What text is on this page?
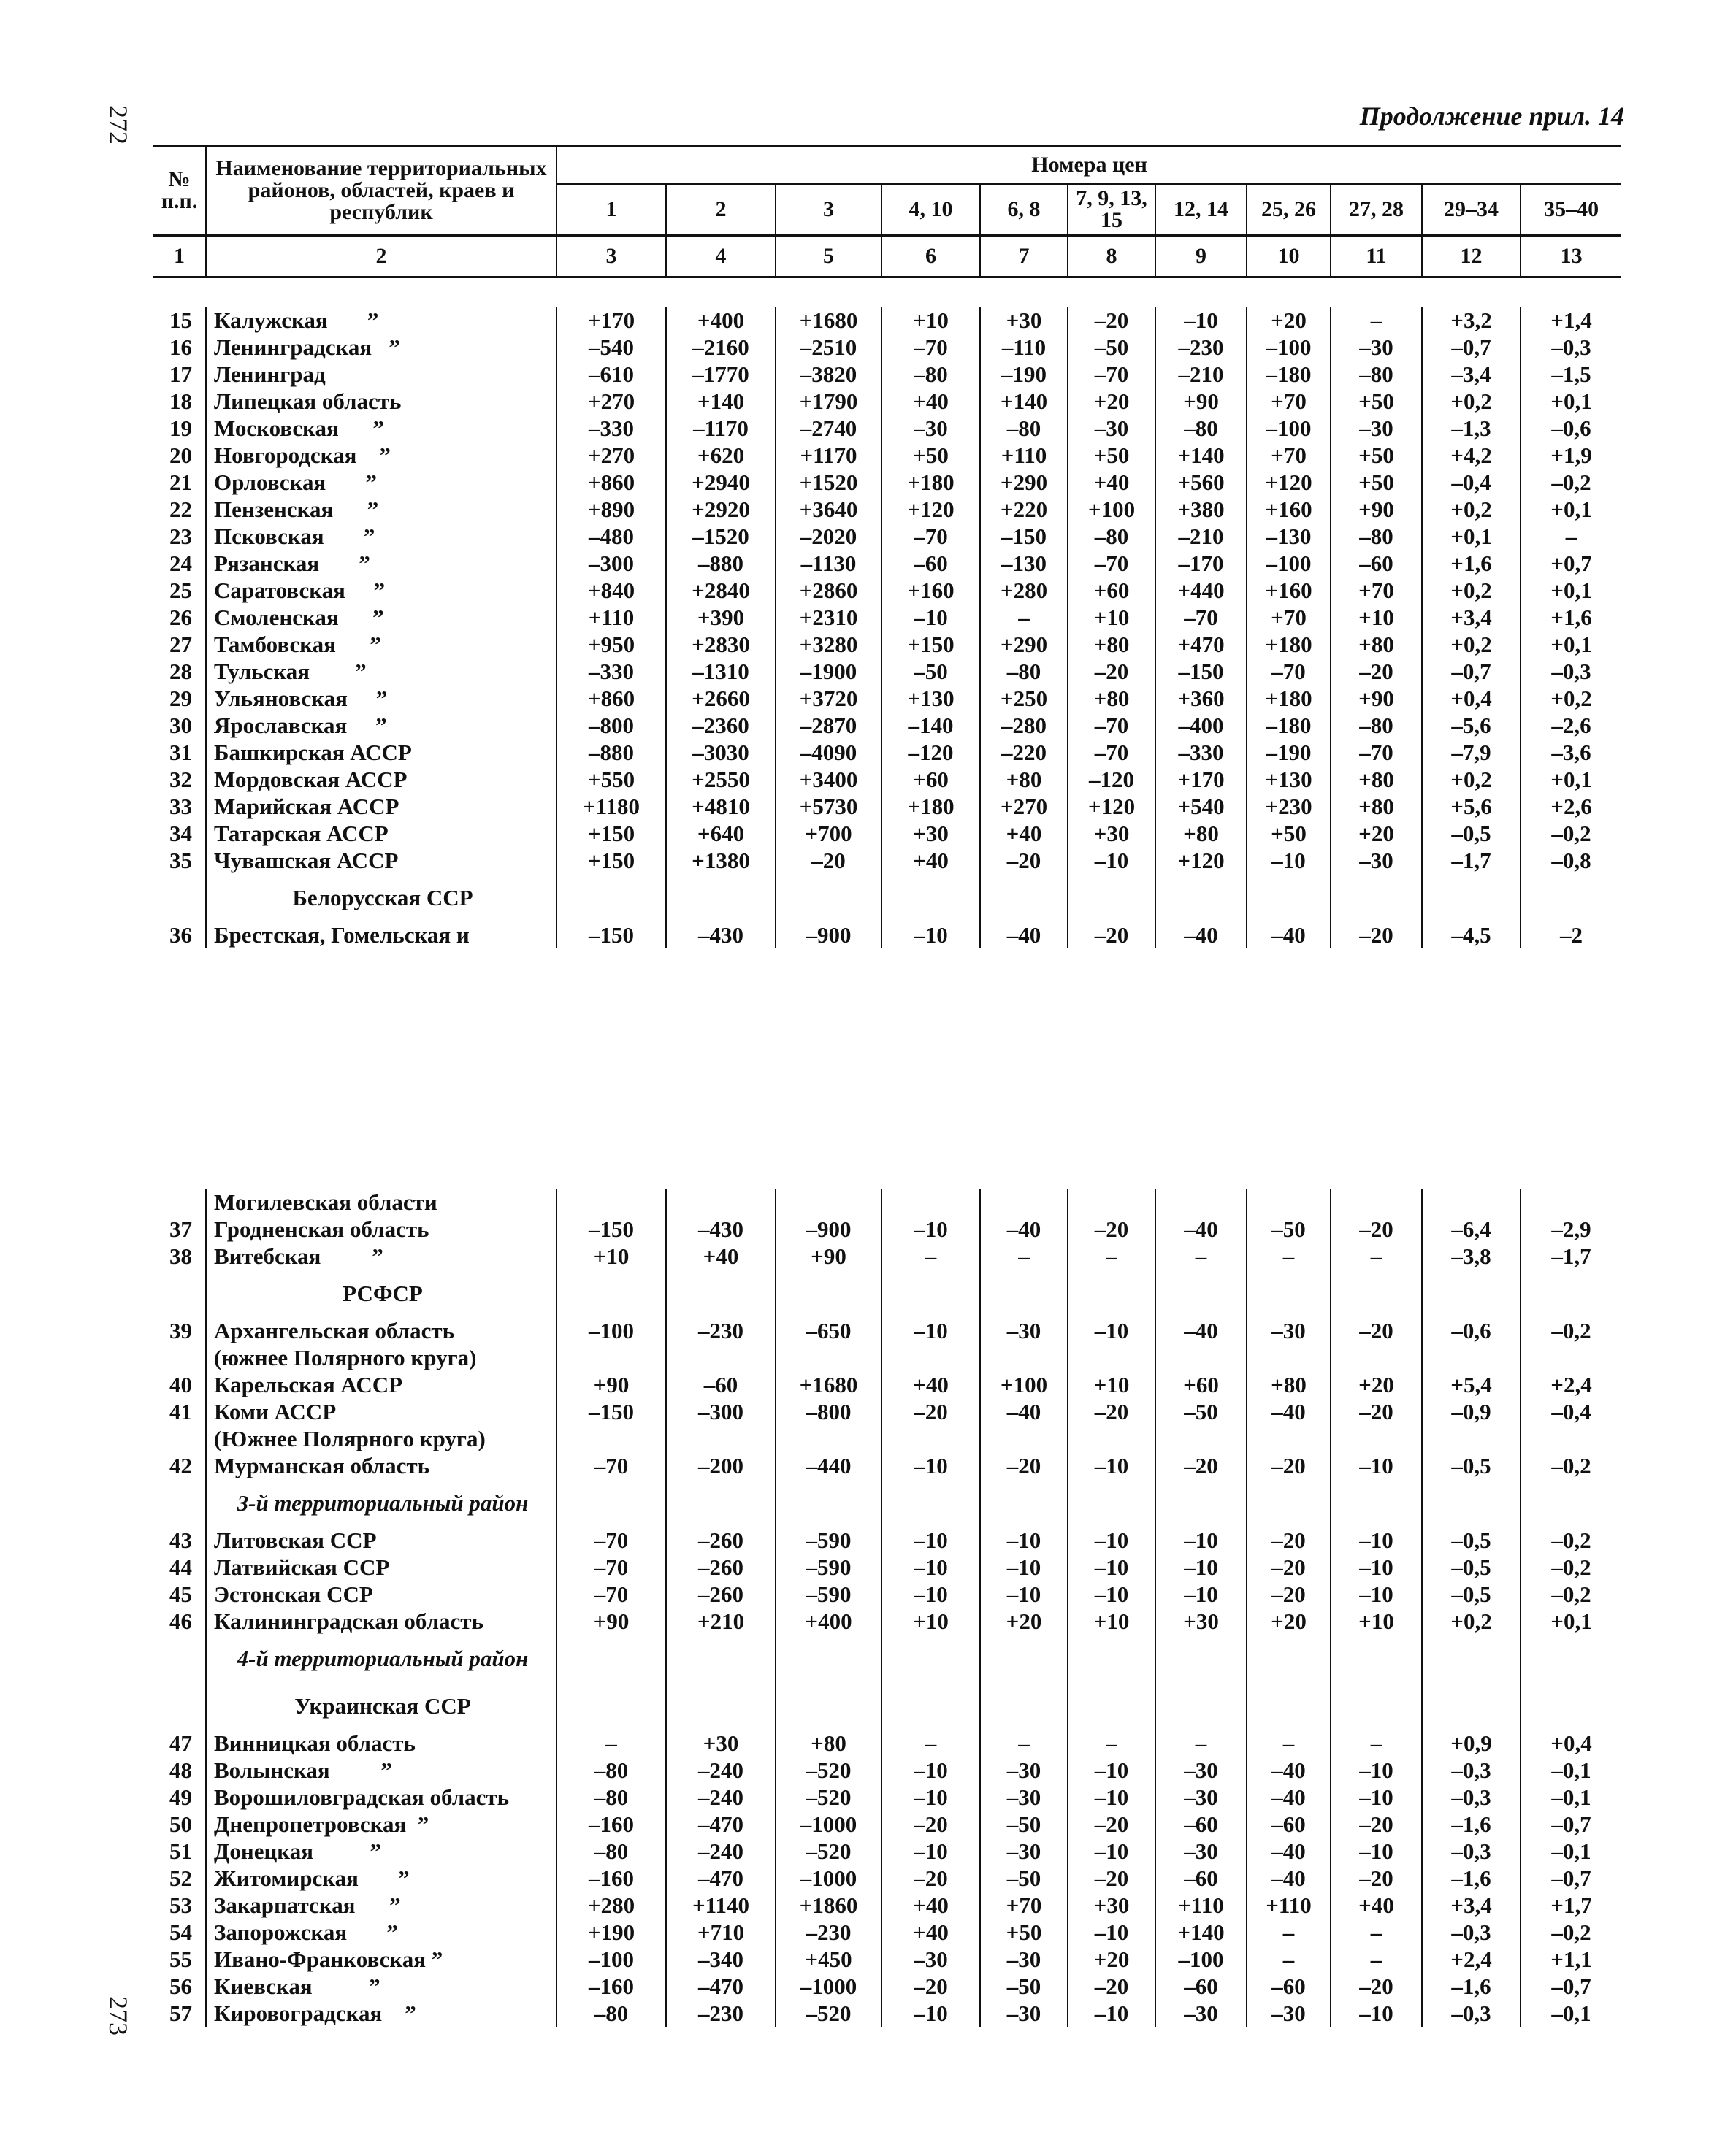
272
273
Продолжение прил. 14
№ п.п.	Наименование территориальных районов, областей, краев и республик	Номера цен										
		1	2	3	4, 10	6, 8	7, 9, 13, 15	12, 14	25, 26	27, 28	29–34	35–40
1	2	3	4	5	6	7	8	9	10	11	12	13
15	Калужская       ”	+170	+400	+1680	+10	+30	–20	–10	+20	–	+3,2	+1,4
16	Ленинградская   ”	–540	–2160	–2510	–70	–110	–50	–230	–100	–30	–0,7	–0,3
17	Ленинград	–610	–1770	–3820	–80	–190	–70	–210	–180	–80	–3,4	–1,5
18	Липецкая область	+270	+140	+1790	+40	+140	+20	+90	+70	+50	+0,2	+0,1
19	Московская      ”	–330	–1170	–2740	–30	–80	–30	–80	–100	–30	–1,3	–0,6
20	Новгородская    ”	+270	+620	+1170	+50	+110	+50	+140	+70	+50	+4,2	+1,9
21	Орловская       ”	+860	+2940	+1520	+180	+290	+40	+560	+120	+50	–0,4	–0,2
22	Пензенская      ”	+890	+2920	+3640	+120	+220	+100	+380	+160	+90	+0,2	+0,1
23	Псковская       ”	–480	–1520	–2020	–70	–150	–80	–210	–130	–80	+0,1	–
24	Рязанская       ”	–300	–880	–1130	–60	–130	–70	–170	–100	–60	+1,6	+0,7
25	Саратовская     ”	+840	+2840	+2860	+160	+280	+60	+440	+160	+70	+0,2	+0,1
26	Смоленская      ”	+110	+390	+2310	–10	–	+10	–70	+70	+10	+3,4	+1,6
27	Тамбовская      ”	+950	+2830	+3280	+150	+290	+80	+470	+180	+80	+0,2	+0,1
28	Тульская        ”	–330	–1310	–1900	–50	–80	–20	–150	–70	–20	–0,7	–0,3
29	Ульяновская     ”	+860	+2660	+3720	+130	+250	+80	+360	+180	+90	+0,4	+0,2
30	Ярославская     ”	–800	–2360	–2870	–140	–280	–70	–400	–180	–80	–5,6	–2,6
31	Башкирская АССР	–880	–3030	–4090	–120	–220	–70	–330	–190	–70	–7,9	–3,6
32	Мордовская АССР	+550	+2550	+3400	+60	+80	–120	+170	+130	+80	+0,2	+0,1
33	Марийская АССР	+1180	+4810	+5730	+180	+270	+120	+540	+230	+80	+5,6	+2,6
34	Татарская АССР	+150	+640	+700	+30	+40	+30	+80	+50	+20	–0,5	–0,2
35	Чувашская АССР	+150	+1380	–20	+40	–20	–10	+120	–10	–30	–1,7	–0,8
	Белорусская ССР											
36	Брестская, Гомельская и	–150	–430	–900	–10	–40	–20	–40	–40	–20	–4,5	–2
	Могилевская области											
37	Гродненская область	–150	–430	–900	–10	–40	–20	–40	–50	–20	–6,4	–2,9
38	Витебская         ”	+10	+40	+90	–	–	–	–	–	–	–3,8	–1,7
	РСФСР											
39	Архангельская область	–100	–230	–650	–10	–30	–10	–40	–30	–20	–0,6	–0,2
	(южнее Полярного круга)											
40	Карельская АССР	+90	–60	+1680	+40	+100	+10	+60	+80	+20	+5,4	+2,4
41	Коми АССР	–150	–300	–800	–20	–40	–20	–50	–40	–20	–0,9	–0,4
	(Южнее Полярного круга)											
42	Мурманская область	–70	–200	–440	–10	–20	–10	–20	–20	–10	–0,5	–0,2
	3-й территориальный район											
43	Литовская ССР	–70	–260	–590	–10	–10	–10	–10	–20	–10	–0,5	–0,2
44	Латвийская ССР	–70	–260	–590	–10	–10	–10	–10	–20	–10	–0,5	–0,2
45	Эстонская ССР	–70	–260	–590	–10	–10	–10	–10	–20	–10	–0,5	–0,2
46	Калининградская область	+90	+210	+400	+10	+20	+10	+30	+20	+10	+0,2	+0,1
	4-й территориальный район											
	Украинская ССР											
47	Винницкая область	–	+30	+80	–	–	–	–	–	–	+0,9	+0,4
48	Волынская         ”	–80	–240	–520	–10	–30	–10	–30	–40	–10	–0,3	–0,1
49	Ворошиловградская область	–80	–240	–520	–10	–30	–10	–30	–40	–10	–0,3	–0,1
50	Днепропетровская  ”	–160	–470	–1000	–20	–50	–20	–60	–60	–20	–1,6	–0,7
51	Донецкая          ”	–80	–240	–520	–10	–30	–10	–30	–40	–10	–0,3	–0,1
52	Житомирская       ”	–160	–470	–1000	–20	–50	–20	–60	–40	–20	–1,6	–0,7
53	Закарпатская      ”	+280	+1140	+1860	+40	+70	+30	+110	+110	+40	+3,4	+1,7
54	Запорожская       ”	+190	+710	–230	+40	+50	–10	+140	–	–	–0,3	–0,2
55	Ивано-Франковская ”	–100	–340	+450	–30	–30	+20	–100	–	–	+2,4	+1,1
56	Киевская          ”	–160	–470	–1000	–20	–50	–20	–60	–60	–20	–1,6	–0,7
57	Кировоградская    ”	–80	–230	–520	–10	–30	–10	–30	–30	–10	–0,3	–0,1
